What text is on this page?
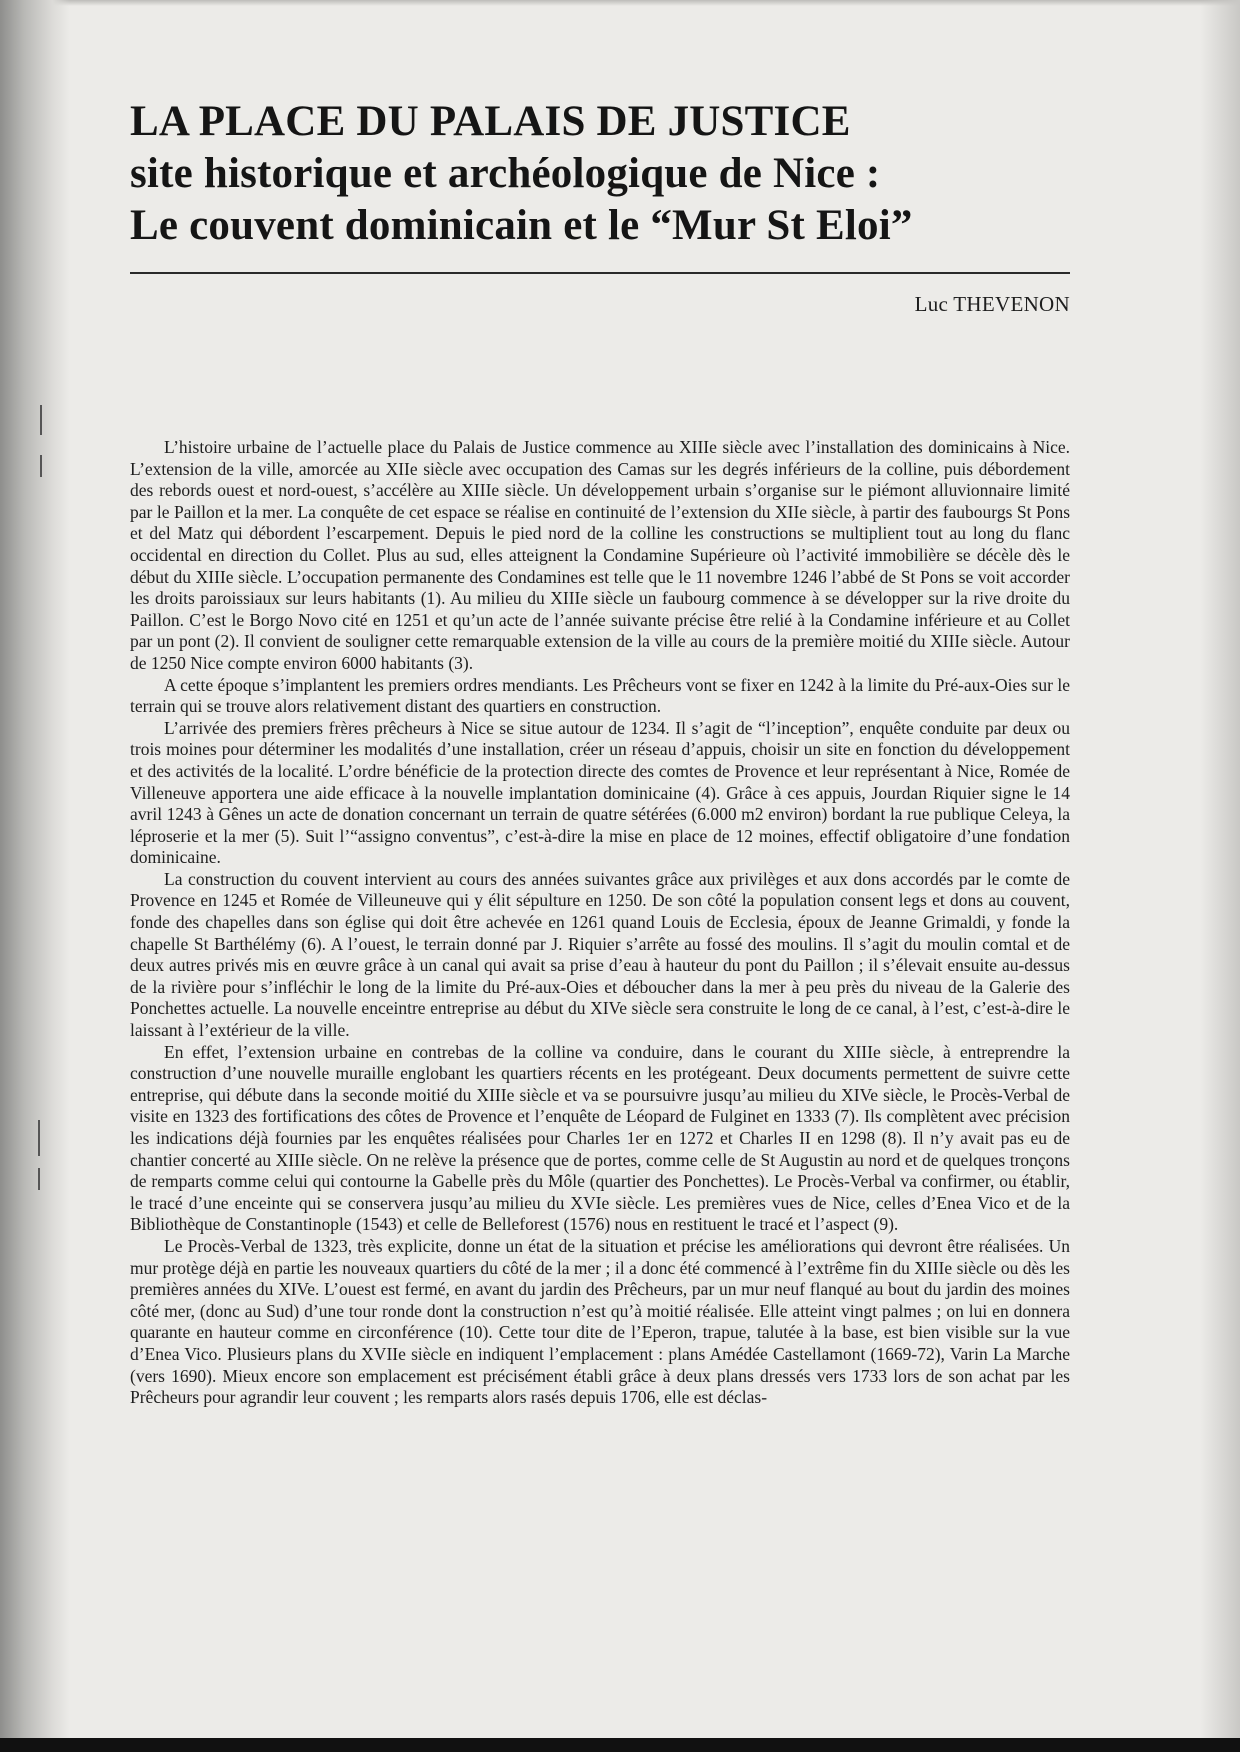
LA PLACE DU PALAIS DE JUSTICE
site historique et archéologique de Nice :
Le couvent dominicain et le “Mur St Eloi”
Luc THEVENON

L’histoire urbaine de l’actuelle place du Palais de Justice commence au XIIIe siècle avec l’installation des dominicains à Nice. L’extension de la ville, amorcée au XIIe siècle avec occupation des Camas sur les degrés inférieurs de la colline, puis débordement des rebords ouest et nord-ouest, s’accélère au XIIIe siècle. Un développement urbain s’organise sur le piémont alluvionnaire limité par le Paillon et la mer. La conquête de cet espace se réalise en continuité de l’extension du XIIe siècle, à partir des faubourgs St Pons et del Matz qui débordent l’escarpement. Depuis le pied nord de la colline les constructions se multiplient tout au long du flanc occidental en direction du Collet. Plus au sud, elles atteignent la Condamine Supérieure où l’activité immobilière se décèle dès le début du XIIIe siècle. L’occupation permanente des Condamines est telle que le 11 novembre 1246 l’abbé de St Pons se voit accorder les droits paroissiaux sur leurs habitants (1). Au milieu du XIIIe siècle un faubourg commence à se développer sur la rive droite du Paillon. C’est le Borgo Novo cité en 1251 et qu’un acte de l’année suivante précise être relié à la Condamine inférieure et au Collet par un pont (2). Il convient de souligner cette remarquable extension de la ville au cours de la première moitié du XIIIe siècle. Autour de 1250 Nice compte environ 6000 habitants (3).

A cette époque s’implantent les premiers ordres mendiants. Les Prêcheurs vont se fixer en 1242 à la limite du Pré-aux-Oies sur le terrain qui se trouve alors relativement distant des quartiers en construction.

L’arrivée des premiers frères prêcheurs à Nice se situe autour de 1234. Il s’agit de “l’inception”, enquête conduite par deux ou trois moines pour déterminer les modalités d’une installation, créer un réseau d’appuis, choisir un site en fonction du développement et des activités de la localité. L’ordre bénéficie de la protection directe des comtes de Provence et leur représentant à Nice, Romée de Villeneuve apportera une aide efficace à la nouvelle implantation dominicaine (4). Grâce à ces appuis, Jourdan Riquier signe le 14 avril 1243 à Gênes un acte de donation concernant un terrain de quatre sétérées (6.000 m2 environ) bordant la rue publique Celeya, la léproserie et la mer (5). Suit l’“assigno conventus”, c’est-à-dire la mise en place de 12 moines, effectif obligatoire d’une fondation dominicaine.

La construction du couvent intervient au cours des années suivantes grâce aux privilèges et aux dons accordés par le comte de Provence en 1245 et Romée de Villeuneuve qui y élit sépulture en 1250. De son côté la population consent legs et dons au couvent, fonde des chapelles dans son église qui doit être achevée en 1261 quand Louis de Ecclesia, époux de Jeanne Grimaldi, y fonde la chapelle St Barthélémy (6). A l’ouest, le terrain donné par J. Riquier s’arrête au fossé des moulins. Il s’agit du moulin comtal et de deux autres privés mis en œuvre grâce à un canal qui avait sa prise d’eau à hauteur du pont du Paillon ; il s’élevait ensuite au-dessus de la rivière pour s’infléchir le long de la limite du Pré-aux-Oies et déboucher dans la mer à peu près du niveau de la Galerie des Ponchettes actuelle. La nouvelle enceintre entreprise au début du XIVe siècle sera construite le long de ce canal, à l’est, c’est-à-dire le laissant à l’extérieur de la ville.

En effet, l’extension urbaine en contrebas de la colline va conduire, dans le courant du XIIIe siècle, à entreprendre la construction d’une nouvelle muraille englobant les quartiers récents en les protégeant. Deux documents permettent de suivre cette entreprise, qui débute dans la seconde moitié du XIIIe siècle et va se poursuivre jusqu’au milieu du XIVe siècle, le Procès-Verbal de visite en 1323 des fortifications des côtes de Provence et l’enquête de Léopard de Fulginet en 1333 (7). Ils complètent avec précision les indications déjà fournies par les enquêtes réalisées pour Charles 1er en 1272 et Charles II en 1298 (8). Il n’y avait pas eu de chantier concerté au XIIIe siècle. On ne relève la présence que de portes, comme celle de St Augustin au nord et de quelques tronçons de remparts comme celui qui contourne la Gabelle près du Môle (quartier des Ponchettes). Le Procès-Verbal va confirmer, ou établir, le tracé d’une enceinte qui se conservera jusqu’au milieu du XVIe siècle. Les premières vues de Nice, celles d’Enea Vico et de la Bibliothèque de Constantinople (1543) et celle de Belleforest (1576) nous en restituent le tracé et l’aspect (9).

Le Procès-Verbal de 1323, très explicite, donne un état de la situation et précise les améliorations qui devront être réalisées. Un mur protège déjà en partie les nouveaux quartiers du côté de la mer ; il a donc été commencé à l’extrême fin du XIIIe siècle ou dès les premières années du XIVe. L’ouest est fermé, en avant du jardin des Prêcheurs, par un mur neuf flanqué au bout du jardin des moines côté mer, (donc au Sud) d’une tour ronde dont la construction n’est qu’à moitié réalisée. Elle atteint vingt palmes ; on lui en donnera quarante en hauteur comme en circonférence (10). Cette tour dite de l’Eperon, trapue, talutée à la base, est bien visible sur la vue d’Enea Vico. Plusieurs plans du XVIIe siècle en indiquent l’emplacement : plans Amédée Castellamont (1669-72), Varin La Marche (vers 1690). Mieux encore son emplacement est précisément établi grâce à deux plans dressés vers 1733 lors de son achat par les Prêcheurs pour agrandir leur couvent ; les remparts alors rasés depuis 1706, elle est déclas-
